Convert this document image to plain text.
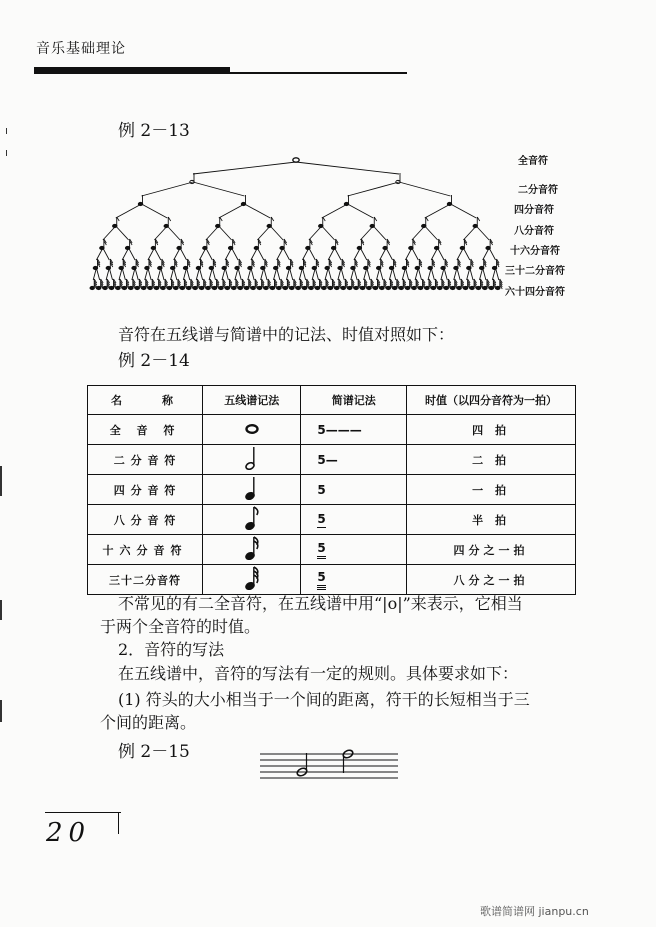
音乐基础理论
例 2－13
全音符
二分音符
四分音符
八分音符
十六分音符
三十二分音符
六十四分音符
音符在五线谱与简谱中的记法、时值对照如下：
例 2－14
名　　称	五线谱记法	简谱记法	时值（以四分音符为一拍）
全 音 符		5———	四 拍
二 分 音 符		5—	二 拍
四 分 音 符		5	一 拍
八 分 音 符		5	半 拍
十六分音符		5	四分之一拍
三十二分音符		5	八分之一拍
不常见的有二全音符，在五线谱中用“|o|”来表示，它相当
于两个全音符的时值。
2．音符的写法
在五线谱中，音符的写法有一定的规则。具体要求如下：
(1) 符头的大小相当于一个间的距离，符干的长短相当于三
个间的距离。
例 2－15
20
歌谱简谱网 jianpu.cn
